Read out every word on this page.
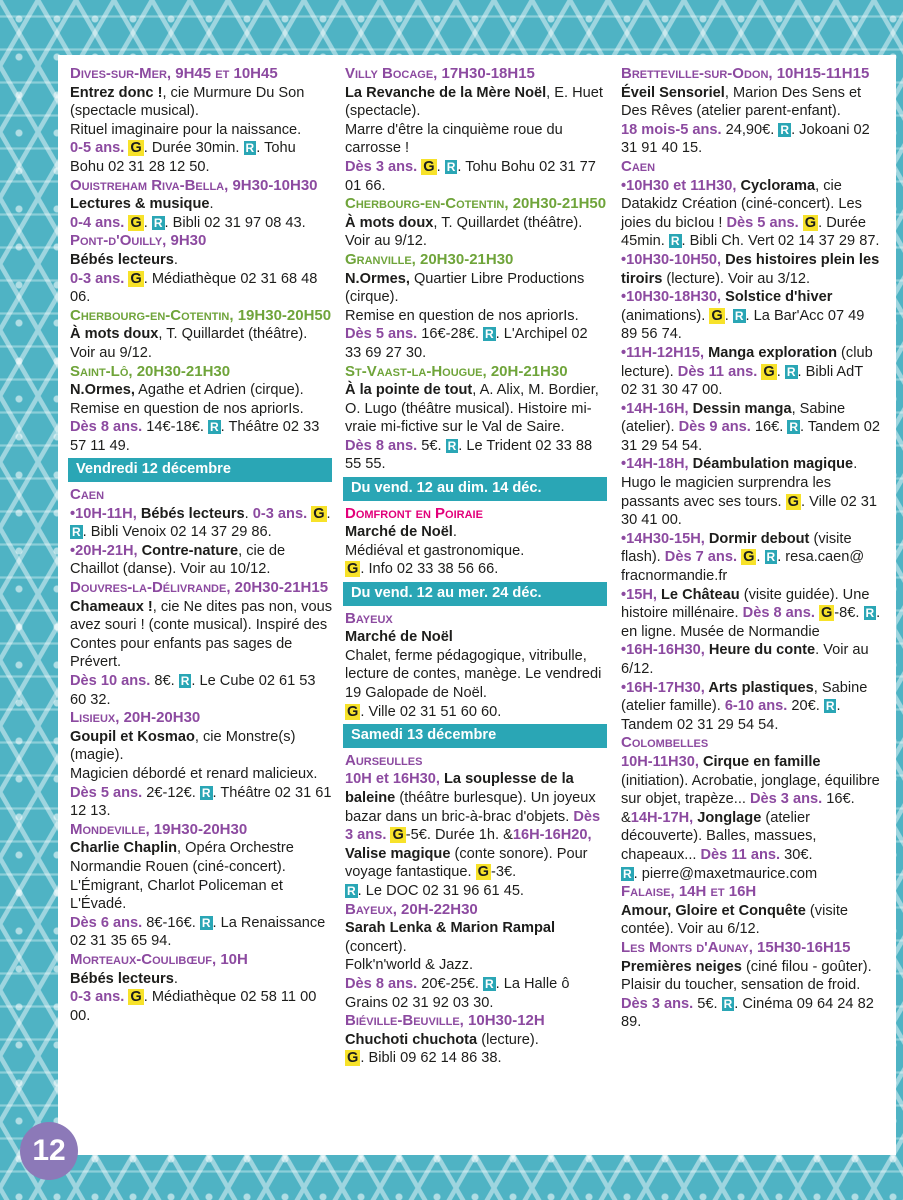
Dives-sur-Mer, 9H45 et 10H45

Entrez donc !, cie Murmure Du Son (spectacle musical).

Rituel imaginaire pour la naissance.

0-5 ans. G . Durée 30min. R . Tohu Bohu 02 31 28 12 50.

Ouistreham Riva-Bella, 9H30-10H30

Lectures & musique.

0-4 ans. G . R . Bibli 02 31 97 08 43.

Pont-d'Ouilly, 9H30

Bébés lecteurs.

0-3 ans. G . Médiathèque 02 31 68 48 06.

Cherbourg-en-Cotentin, 19H30-20H50

À mots doux, T. Quillardet (théâtre). Voir au 9/12.

Saint-Lô, 20H30-21H30

N.Ormes, Agathe et Adrien (cirque). Remise en question de nos apriorIs.

Dès 8 ans. 14€-18€. R . Théâtre 02 33 57 11 49.

Vendredi 12 décembre

Caen

•10H-11H, Bébés lecteurs. 0-3 ans. G . R . Bibli Venoix 02 14 37 29 86.

•20H-21H, Contre-nature, cie de Chaillot (danse). Voir au 10/12.

Douvres-la-Délivrande, 20H30-21H15

Chameaux !, cie Ne dites pas non, vous avez souri ! (conte musical). Inspiré des Contes pour enfants pas sages de Prévert.

Dès 10 ans. 8€. R . Le Cube 02 61 53 60 32.

Lisieux, 20H-20H30

Goupil et Kosmao, cie Monstre(s) (magie).

Magicien débordé et renard malicieux.

Dès 5 ans. 2€-12€. R . Théâtre 02 31 61 12 13.

Mondeville, 19H30-20H30

Charlie Chaplin, Opéra Orchestre Normandie Rouen (ciné-concert). L'Émigrant, Charlot Policeman et L'Évadé.

Dès 6 ans. 8€-16€. R . La Renaissance 02 31 35 65 94.

Morteaux-Coulibœuf, 10H

Bébés lecteurs.

0-3 ans. G . Médiathèque 02 58 11 00 00.

Villy Bocage, 17H30-18H15

La Revanche de la Mère Noël, E. Huet (spectacle).

Marre d'être la cinquième roue du carrosse !

Dès 3 ans. G . R . Tohu Bohu 02 31 77 01 66.

Cherbourg-en-Cotentin, 20H30-21H50

À mots doux, T. Quillardet (théâtre). Voir au 9/12.

Granville, 20H30-21H30

N.Ormes, Quartier Libre Productions (cirque).

Remise en question de nos apriorIs.

Dès 5 ans. 16€-28€. R . L'Archipel 02 33 69 27 30.

St-Vaast-la-Hougue, 20H-21H30

À la pointe de tout, A. Alix, M. Bordier, O. Lugo (théâtre musical). Histoire mi-vraie mi-fictive sur le Val de Saire.

Dès 8 ans. 5€. R . Le Trident 02 33 88 55 55.

Du vend. 12 au dim. 14 déc.

Domfront en Poiraie

Marché de Noël.

Médiéval et gastronomique.

G . Info 02 33 38 56 66.

Du vend. 12 au mer. 24 déc.

Bayeux

Marché de Noël

Chalet, ferme pédagogique, vitribulle, lecture de contes, manège. Le vendredi 19 Galopade de Noël.

G . Ville 02 31 51 60 60.

Samedi 13 décembre

Aurseulles

10H et 16H30, La souplesse de la baleine (théâtre burlesque). Un joyeux bazar dans un bric-à-brac d'objets. Dès 3 ans. G -5€. Durée 1h. &16H-16H20, Valise magique (conte sonore). Pour voyage fantastique. G -3€.

R . Le DOC 02 31 96 61 45.

Bayeux, 20H-22H30

Sarah Lenka & Marion Rampal (concert).

Folk'n'world & Jazz.

Dès 8 ans. 20€-25€. R . La Halle ô Grains 02 31 92 03 30.

Biéville-Beuville, 10H30-12H

Chuchoti chuchota (lecture).

G . Bibli 09 62 14 86 38.

Bretteville-sur-Odon, 10H15-11H15

Éveil Sensoriel, Marion Des Sens et Des Rêves (atelier parent-enfant).

18 mois-5 ans. 24,90€. R . Jokoani 02 31 91 40 15.

Caen

•10H30 et 11H30, Cyclorama, cie Datakidz Création (ciné-concert). Les joies du bicIou ! Dès 5 ans. G . Durée 45min. R . Bibli Ch. Vert 02 14 37 29 87.

•10H30-10H50, Des histoires plein les tiroirs (lecture). Voir au 3/12.

•10H30-18H30, Solstice d'hiver (animations). G . R . La Bar'Acc 07 49 89 56 74.

•11H-12H15, Manga exploration (club lecture). Dès 11 ans. G . R . Bibli AdT 02 31 30 47 00.

•14H-16H, Dessin manga, Sabine (atelier). Dès 9 ans. 16€. R . Tandem 02 31 29 54 54.

•14H-18H, Déambulation magique. Hugo le magicien surprendra les passants avec ses tours. G . Ville 02 31 30 41 00.

•14H30-15H, Dormir debout (visite flash). Dès 7 ans. G . R . resa.caen@ fracnormandie.fr

•15H, Le Château (visite guidée). Une histoire millénaire. Dès 8 ans. G -8€. R . en ligne. Musée de Normandie

•16H-16H30, Heure du conte. Voir au 6/12.

•16H-17H30, Arts plastiques, Sabine (atelier famille). 6-10 ans. 20€. R . Tandem 02 31 29 54 54.

Colombelles

10H-11H30, Cirque en famille (initiation). Acrobatie, jonglage, équilibre sur objet, trapèze... Dès 3 ans. 16€.

&14H-17H, Jonglage (atelier découverte). Balles, massues, chapeaux... Dès 11 ans. 30€.

R . pierre@maxetmaurice.com

Falaise, 14H et 16H

Amour, Gloire et Conquête (visite contée). Voir au 6/12.

Les Monts d'Aunay, 15H30-16H15

Premières neiges (ciné filou - goûter).

Plaisir du toucher, sensation de froid.

Dès 3 ans. 5€. R . Cinéma 09 64 24 82 89.

12
